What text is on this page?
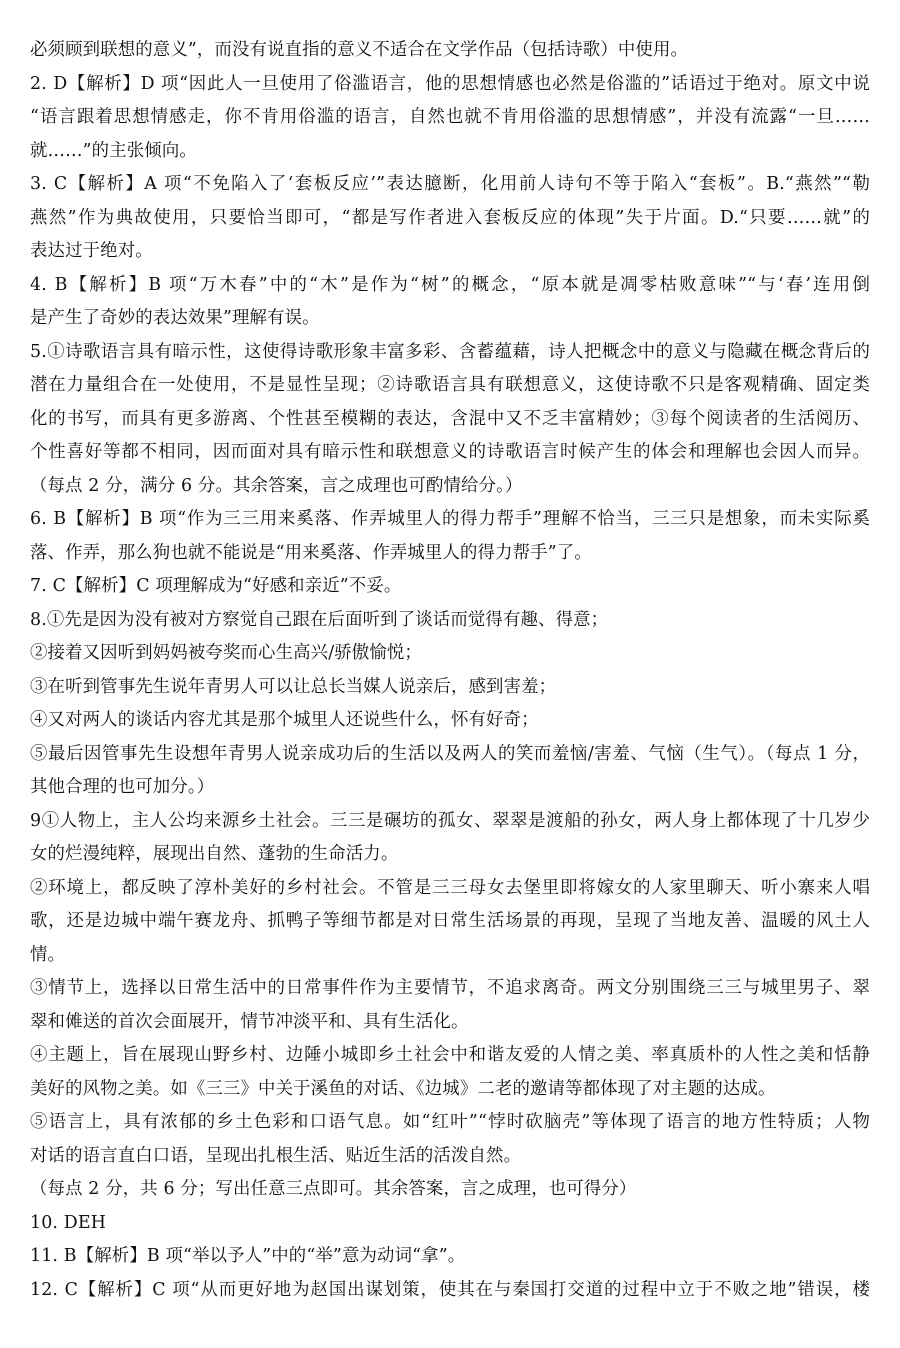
必须顾到联想的意义”，而没有说直指的意义不适合在文学作品（包括诗歌）中使用。
2. D【解析】D 项“因此人一旦使用了俗滥语言，他的思想情感也必然是俗滥的”话语过于绝对。原文中说
“语言跟着思想情感走，你不肯用俗滥的语言，自然也就不肯用俗滥的思想情感”，并没有流露“一旦……
就……”的主张倾向。
3. C【解析】A 项“不免陷入了‘套板反应’”表达臆断，化用前人诗句不等于陷入“套板”。B.“燕然”“勒
燕然”作为典故使用，只要恰当即可，“都是写作者进入套板反应的体现”失于片面。D.“只要……就”的
表达过于绝对。
4. B【解析】B 项“万木春”中的“木”是作为“树”的概念，“原本就是凋零枯败意味”“与‘春’连用倒
是产生了奇妙的表达效果”理解有误。
5.①诗歌语言具有暗示性，这使得诗歌形象丰富多彩、含蓄蕴藉，诗人把概念中的意义与隐藏在概念背后的
潜在力量组合在一处使用，不是显性呈现；②诗歌语言具有联想意义，这使诗歌不只是客观精确、固定类
化的书写，而具有更多游离、个性甚至模糊的表达，含混中又不乏丰富精妙；③每个阅读者的生活阅历、
个性喜好等都不相同，因而面对具有暗示性和联想意义的诗歌语言时候产生的体会和理解也会因人而异。
（每点 2 分，满分 6 分。其余答案，言之成理也可酌情给分。）
6. B【解析】B 项“作为三三用来奚落、作弄城里人的得力帮手”理解不恰当，三三只是想象，而未实际奚
落、作弄，那么狗也就不能说是“用来奚落、作弄城里人的得力帮手”了。
7. C【解析】C 项理解成为“好感和亲近”不妥。
8.①先是因为没有被对方察觉自己跟在后面听到了谈话而觉得有趣、得意；
②接着又因听到妈妈被夸奖而心生高兴/骄傲愉悦；
③在听到管事先生说年青男人可以让总长当媒人说亲后，感到害羞；
④又对两人的谈话内容尤其是那个城里人还说些什么，怀有好奇；
⑤最后因管事先生设想年青男人说亲成功后的生活以及两人的笑而羞恼/害羞、气恼（生气）。（每点 1 分，
其他合理的也可加分。）
9①人物上，主人公均来源乡土社会。三三是碾坊的孤女、翠翠是渡船的孙女，两人身上都体现了十几岁少
女的烂漫纯粹，展现出自然、蓬勃的生命活力。
②环境上，都反映了淳朴美好的乡村社会。不管是三三母女去堡里即将嫁女的人家里聊天、听小寨来人唱
歌，还是边城中端午赛龙舟、抓鸭子等细节都是对日常生活场景的再现，呈现了当地友善、温暖的风土人
情。
③情节上，选择以日常生活中的日常事件作为主要情节，不追求离奇。两文分别围绕三三与城里男子、翠
翠和傩送的首次会面展开，情节冲淡平和、具有生活化。
④主题上，旨在展现山野乡村、边陲小城即乡土社会中和谐友爱的人情之美、率真质朴的人性之美和恬静
美好的风物之美。如《三三》中关于溪鱼的对话、《边城》二老的邀请等都体现了对主题的达成。
⑤语言上，具有浓郁的乡土色彩和口语气息。如“红叶”“悖时砍脑壳”等体现了语言的地方性特质；人物
对话的语言直白口语，呈现出扎根生活、贴近生活的活泼自然。
（每点 2 分，共 6 分；写出任意三点即可。其余答案，言之成理，也可得分）
10. DEH
11. B【解析】B 项“举以予人”中的“举”意为动词“拿”。
12. C【解析】C 项“从而更好地为赵国出谋划策，使其在与秦国打交道的过程中立于不败之地”错误，楼
